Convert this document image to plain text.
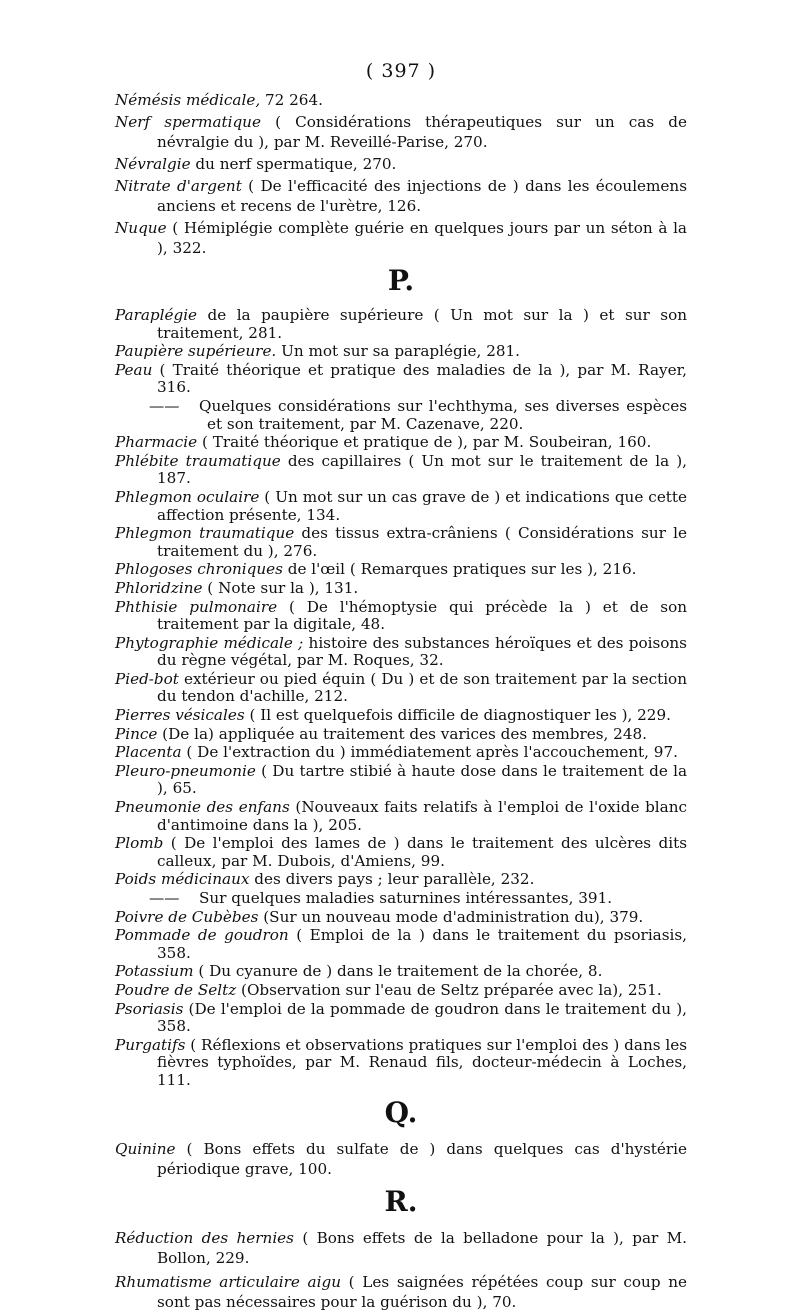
( 397 )

Némésis médicale, 72 264.

Nerf spermatique ( Considérations thérapeutiques sur un cas de névralgie du ), par M. Reveillé-Parise, 270.

Névralgie du nerf spermatique, 270.

Nitrate d'argent ( De l'efficacité des injections de ) dans les écoulemens anciens et recens de l'urètre, 126.

Nuque ( Hémiplégie complète guérie en quelques jours par un séton à la ), 322.

P.

Paraplégie de la paupière supérieure ( Un mot sur la ) et sur son traitement, 281.

Paupière supérieure. Un mot sur sa paraplégie, 281.

Peau ( Traité théorique et pratique des maladies de la ), par M. Rayer, 316.

—— Quelques considérations sur l'echthyma, ses diverses espèces et son traitement, par M. Cazenave, 220.

Pharmacie ( Traité théorique et pratique de ), par M. Soubeiran, 160.

Phlébite traumatique des capillaires ( Un mot sur le traitement de la ), 187.

Phlegmon oculaire ( Un mot sur un cas grave de ) et indications que cette affection présente, 134.

Phlegmon traumatique des tissus extra-crâniens ( Considérations sur le traitement du ), 276.

Phlogoses chroniques de l'œil ( Remarques pratiques sur les ), 216.

Phloridzine ( Note sur la ), 131.

Phthisie pulmonaire ( De l'hémoptysie qui précède la ) et de son traitement par la digitale, 48.

Phytographie médicale ; histoire des substances héroïques et des poisons du règne végétal, par M. Roques, 32.

Pied-bot extérieur ou pied équin ( Du ) et de son traitement par la section du tendon d'achille, 212.

Pierres vésicales ( Il est quelquefois difficile de diagnostiquer les ), 229.

Pince (De la) appliquée au traitement des varices des membres, 248.

Placenta ( De l'extraction du ) immédiatement après l'accouchement, 97.

Pleuro-pneumonie ( Du tartre stibié à haute dose dans le traitement de la ), 65.

Pneumonie des enfans (Nouveaux faits relatifs à l'emploi de l'oxide blanc d'antimoine dans la ), 205.

Plomb ( De l'emploi des lames de ) dans le traitement des ulcères dits calleux, par M. Dubois, d'Amiens, 99.

Poids médicinaux des divers pays ; leur parallèle, 232.

—— Sur quelques maladies saturnines intéressantes, 391.

Poivre de Cubèbes (Sur un nouveau mode d'administration du), 379.

Pommade de goudron ( Emploi de la ) dans le traitement du psoriasis, 358.

Potassium ( Du cyanure de ) dans le traitement de la chorée, 8.

Poudre de Seltz (Observation sur l'eau de Seltz préparée avec la), 251.

Psoriasis (De l'emploi de la pommade de goudron dans le traitement du ), 358.

Purgatifs ( Réflexions et observations pratiques sur l'emploi des ) dans les fièvres typhoïdes, par M. Renaud fils, docteur-médecin à Loches, 111.

Q.

Quinine ( Bons effets du sulfate de ) dans quelques cas d'hystérie périodique grave, 100.

R.

Réduction des hernies ( Bons effets de la belladone pour la ), par M. Bollon, 229.

Rhumatisme articulaire aigu ( Les saignées répétées coup sur coup ne sont pas nécessaires pour la guérison du ), 70.
